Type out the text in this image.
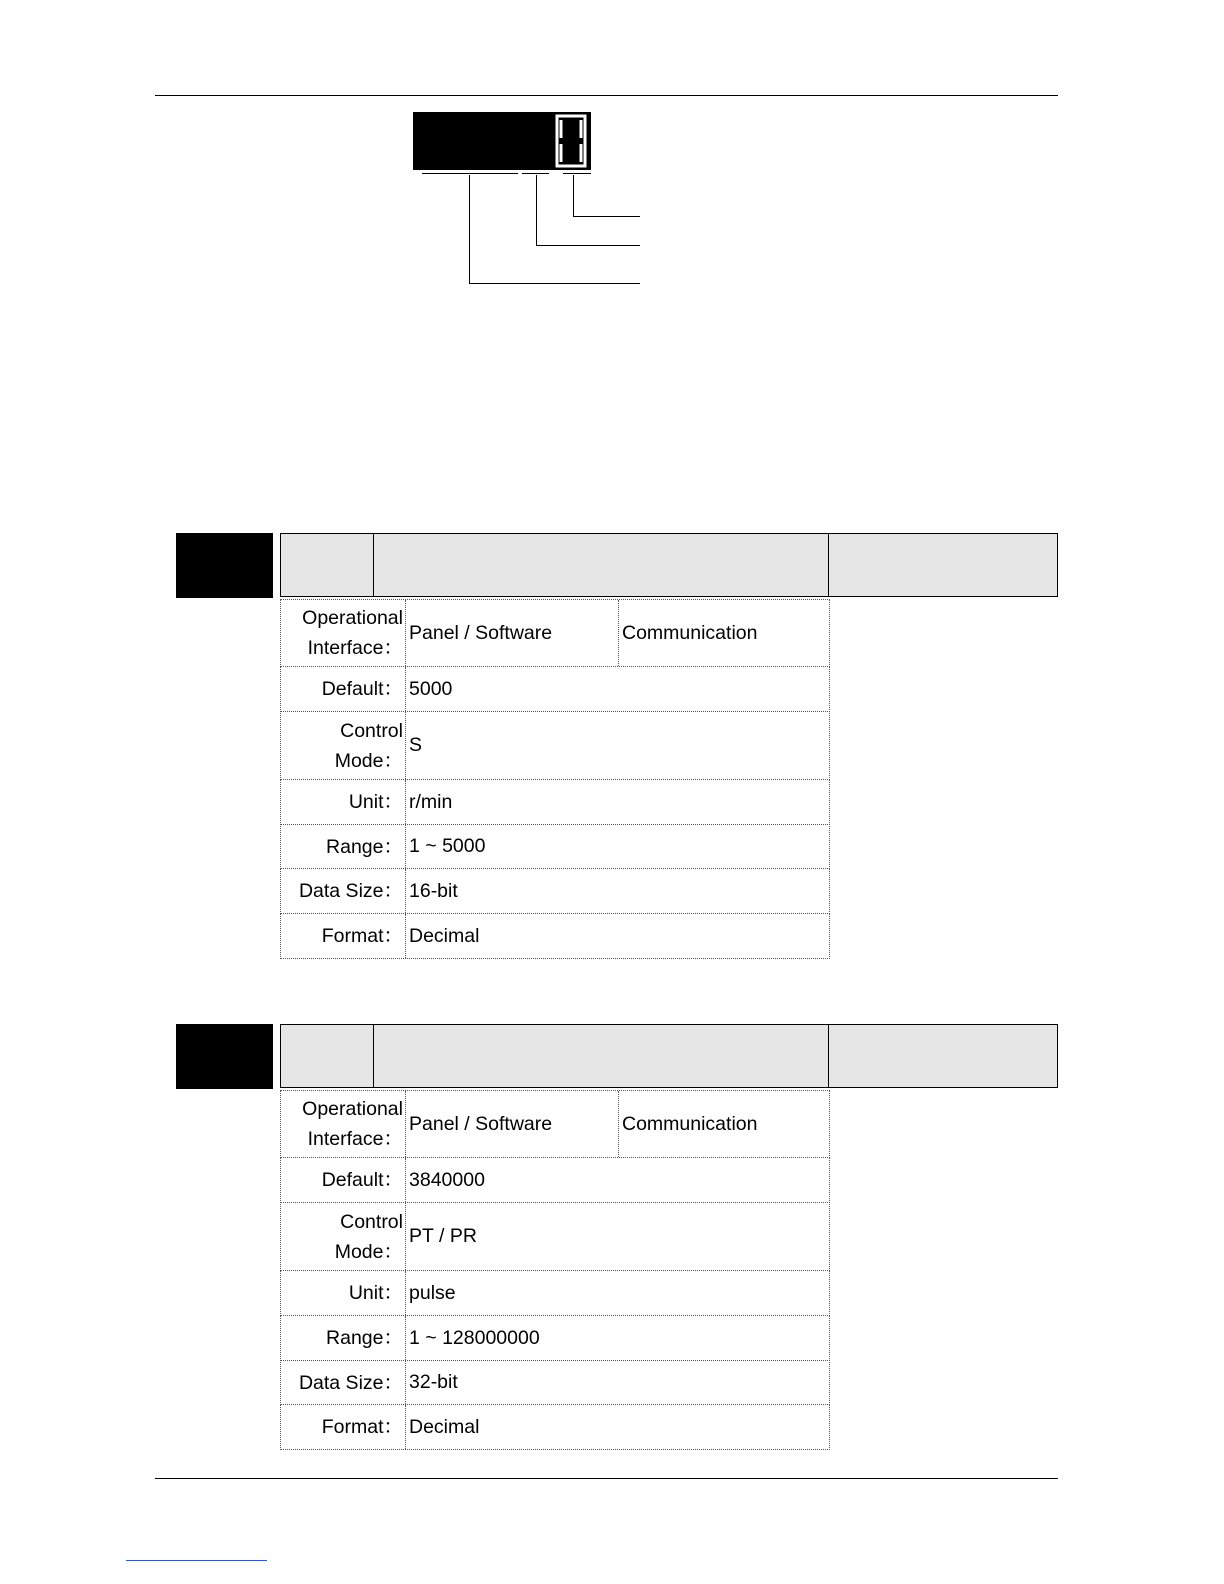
Operational
Interface：
Panel / Software	Communication
Default： 5000
Control
Mode：
S
Unit： r/min
Range： 1 ~ 5000
Data Size： 16-bit
Format： Decimal
Operational
Interface：
Panel / Software	Communication
Default： 3840000
Control
Mode：
PT / PR
Unit： pulse
Range： 1 ~ 128000000
Data Size： 32-bit
Format： Decimal
